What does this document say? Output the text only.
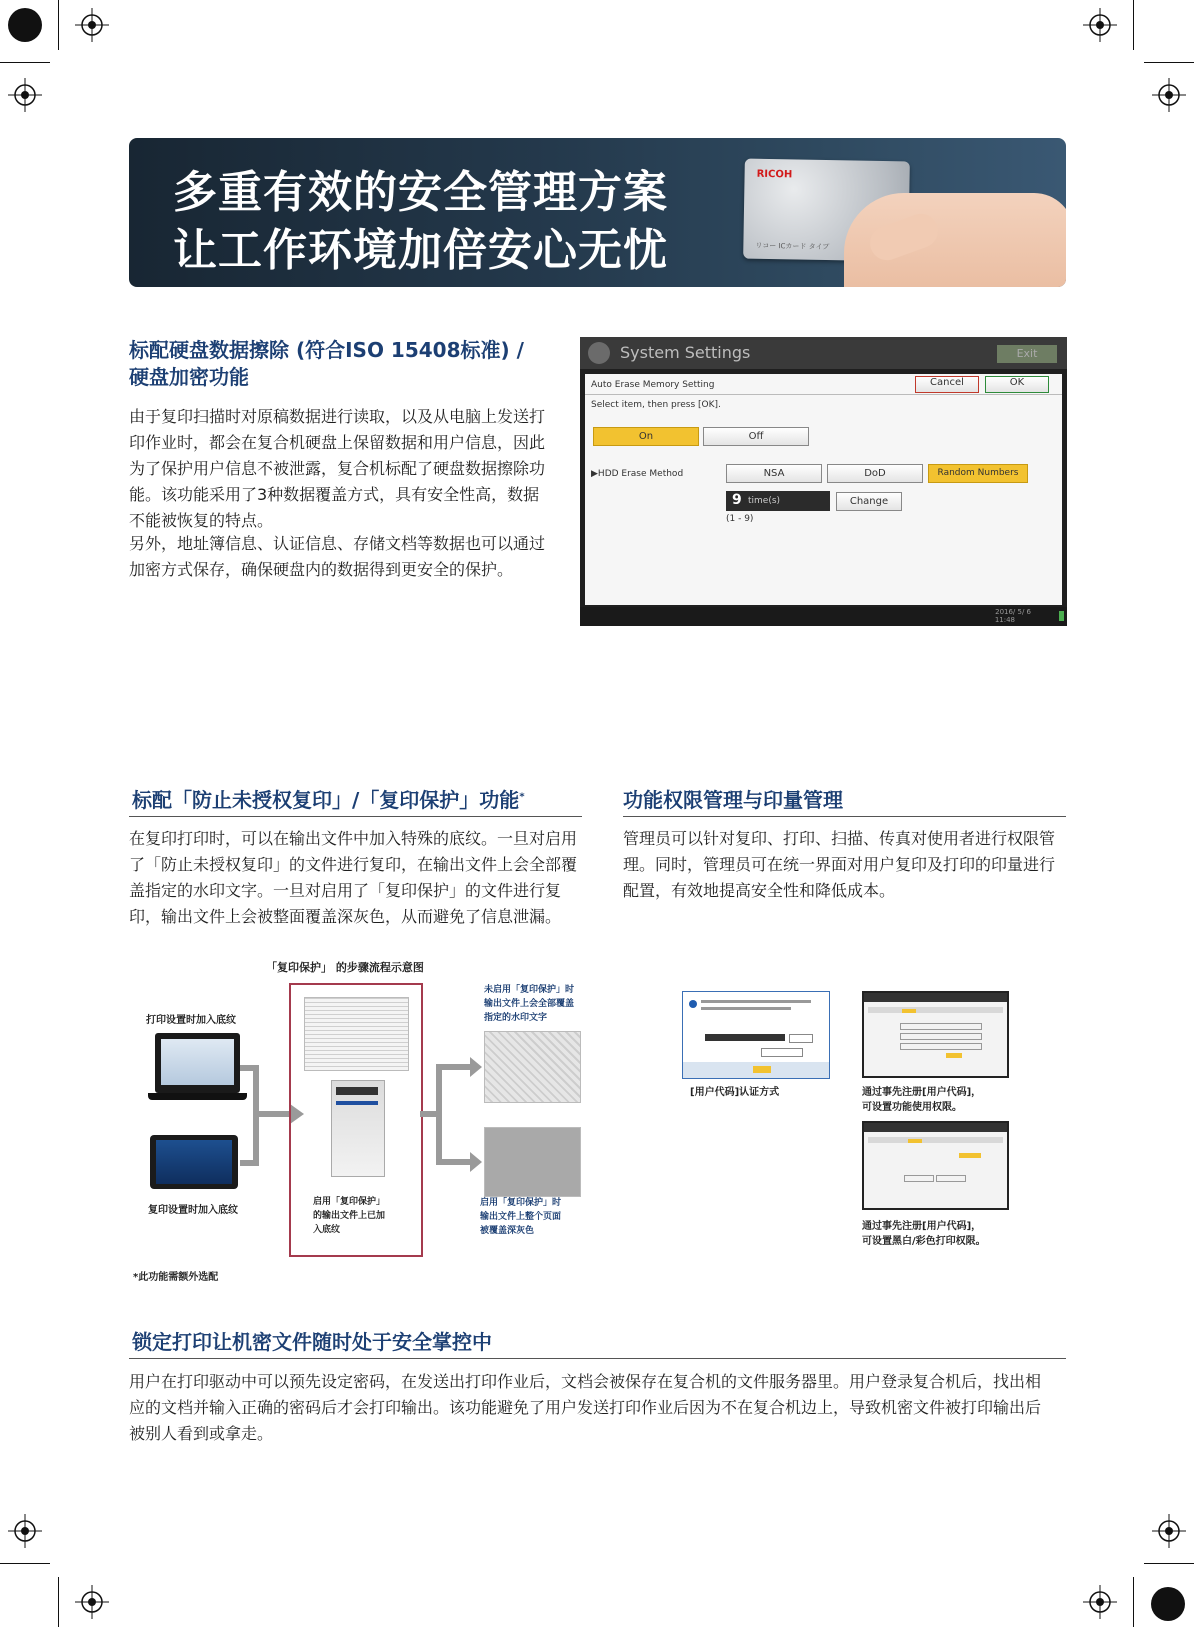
多重有效的安全管理方案
让工作环境加倍安心无忧
RICOH
リコー ICカード タイプ
标配硬盘数据擦除 (符合ISO 15408标准) /
硬盘加密功能
由于复印扫描时对原稿数据进行读取，以及从电脑上发送打
印作业时，都会在复合机硬盘上保留数据和用户信息，因此
为了保护用户信息不被泄露，复合机标配了硬盘数据擦除功
能。该功能采用了3种数据覆盖方式，具有安全性高，数据
不能被恢复的特点。
另外，地址簿信息、认证信息、存储文档等数据也可以通过
加密方式保存，确保硬盘内的数据得到更安全的保护。
System Settings	Exit
Auto Erase Memory Setting	Cancel	OK
Select item, then press [OK].
On	Off
▶HDD Erase Method	NSA	DoD	Random Numbers
9 time(s)	Change
(1 - 9)
2016/ 5/ 6
11:48
标配「防止未授权复印」/「复印保护」功能*
在复印打印时，可以在输出文件中加入特殊的底纹。一旦对启用
了「防止未授权复印」的文件进行复印，在输出文件上会全部覆
盖指定的水印文字。一旦对启用了「复印保护」的文件进行复
印，输出文件上会被整面覆盖深灰色，从而避免了信息泄漏。
功能权限管理与印量管理
管理员可以针对复印、打印、扫描、传真对使用者进行权限管
理。同时，管理员可在统一界面对用户复印及打印的印量进行
配置，有效地提高安全性和降低成本。
「复印保护」 的步骤流程示意图
打印设置时加入底纹
复印设置时加入底纹
启用「复印保护」
的输出文件上已加
入底纹
未启用「复印保护」时
输出文件上会全部覆盖
指定的水印文字
启用「复印保护」时
输出文件上整个页面
被覆盖深灰色
*此功能需额外选配
[用户代码]认证方式	通过事先注册[用户代码]，
可设置功能使用权限。
通过事先注册[用户代码]，
可设置黑白/彩色打印权限。
锁定打印让机密文件随时处于安全掌控中
用户在打印驱动中可以预先设定密码，在发送出打印作业后，文档会被保存在复合机的文件服务器里。用户登录复合机后，找出相
应的文档并输入正确的密码后才会打印输出。该功能避免了用户发送打印作业后因为不在复合机边上，导致机密文件被打印输出后
被别人看到或拿走。
